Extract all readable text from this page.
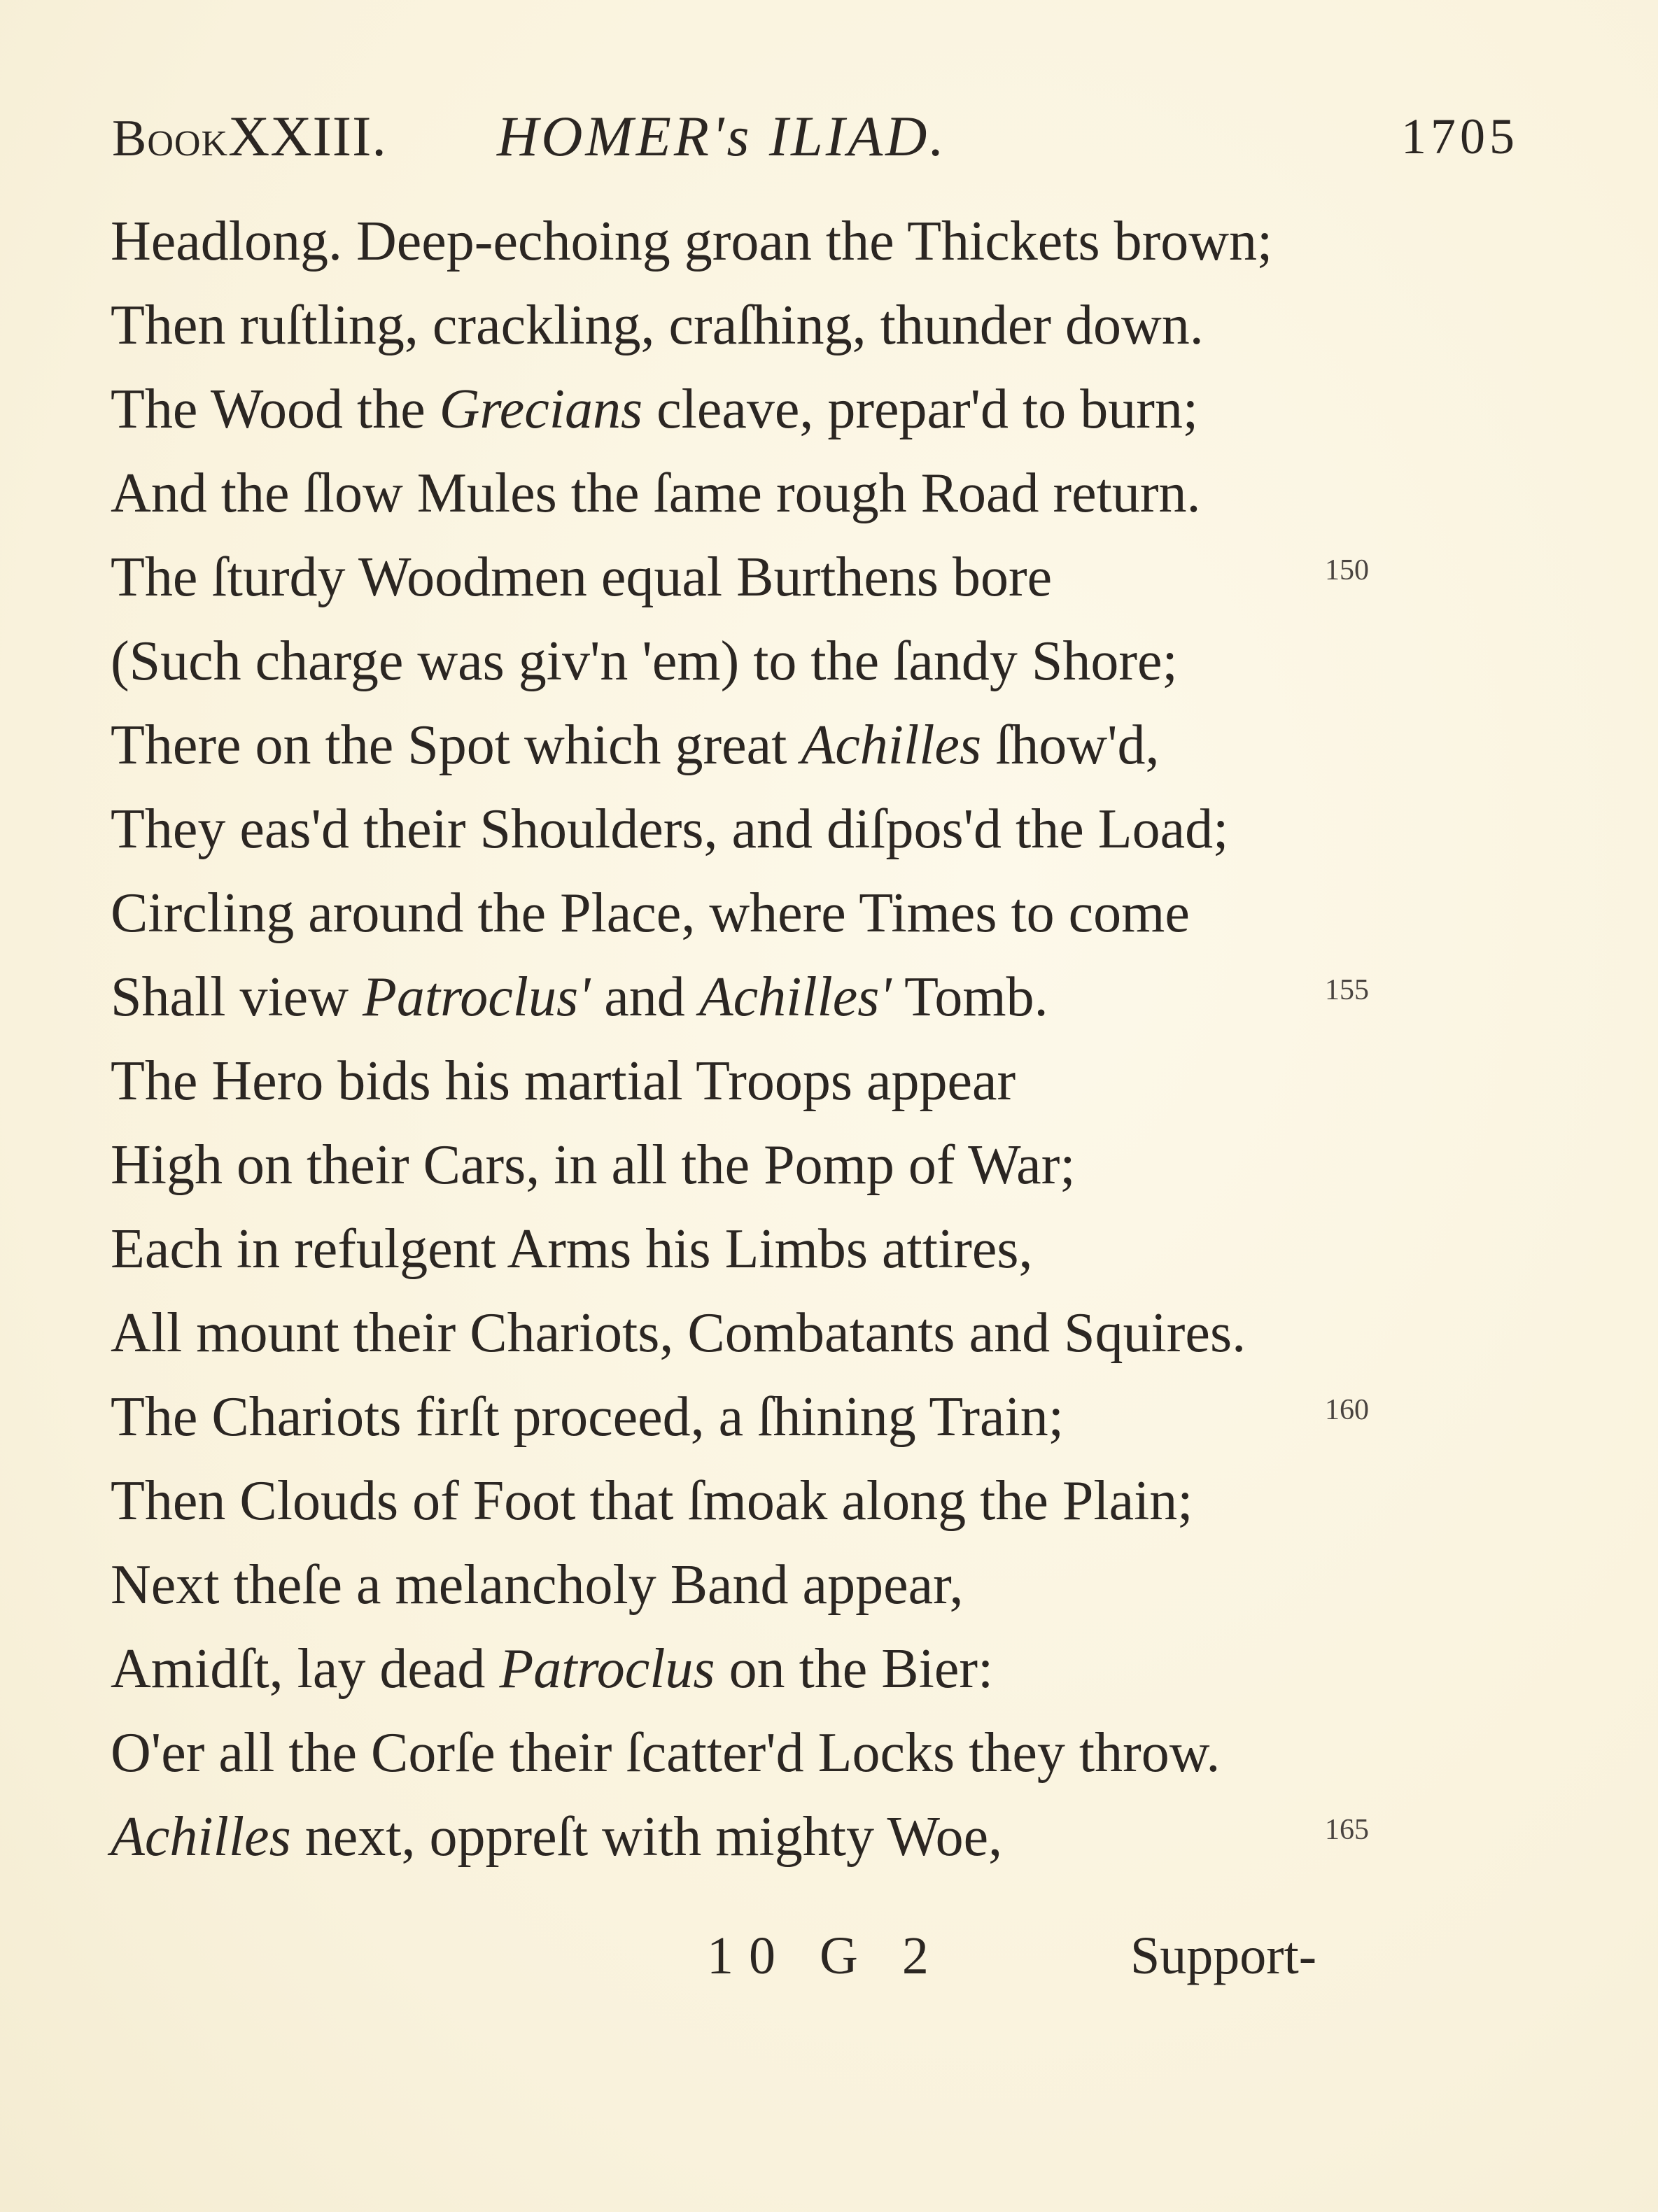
BookXXIII. HOMER's ILIAD.	1705
Headlong. Deep-echoing groan the Thickets brown;
Then ruſtling, crackling, craſhing, thunder down.
The Wood the Grecians cleave, prepar'd to burn;
And the ſlow Mules the ſame rough Road return.
The ſturdy Woodmen equal Burthens bore	150
(Such charge was giv'n 'em) to the ſandy Shore;
There on the Spot which great Achilles ſhow'd,
They eas'd their Shoulders, and diſpos'd the Load;
Circling around the Place, where Times to come
Shall view Patroclus' and Achilles' Tomb.	155
The Hero bids his martial Troops appear
High on their Cars, in all the Pomp of War;
Each in refulgent Arms his Limbs attires,
All mount their Chariots, Combatants and Squires.
The Chariots firſt proceed, a ſhining Train;	160
Then Clouds of Foot that ſmoak along the Plain;
Next theſe a melancholy Band appear,
Amidſt, lay dead Patroclus on the Bier:
O'er all the Corſe their ſcatter'd Locks they throw.
Achilles next, oppreſt with mighty Woe,	165
10 G 2	Support-
